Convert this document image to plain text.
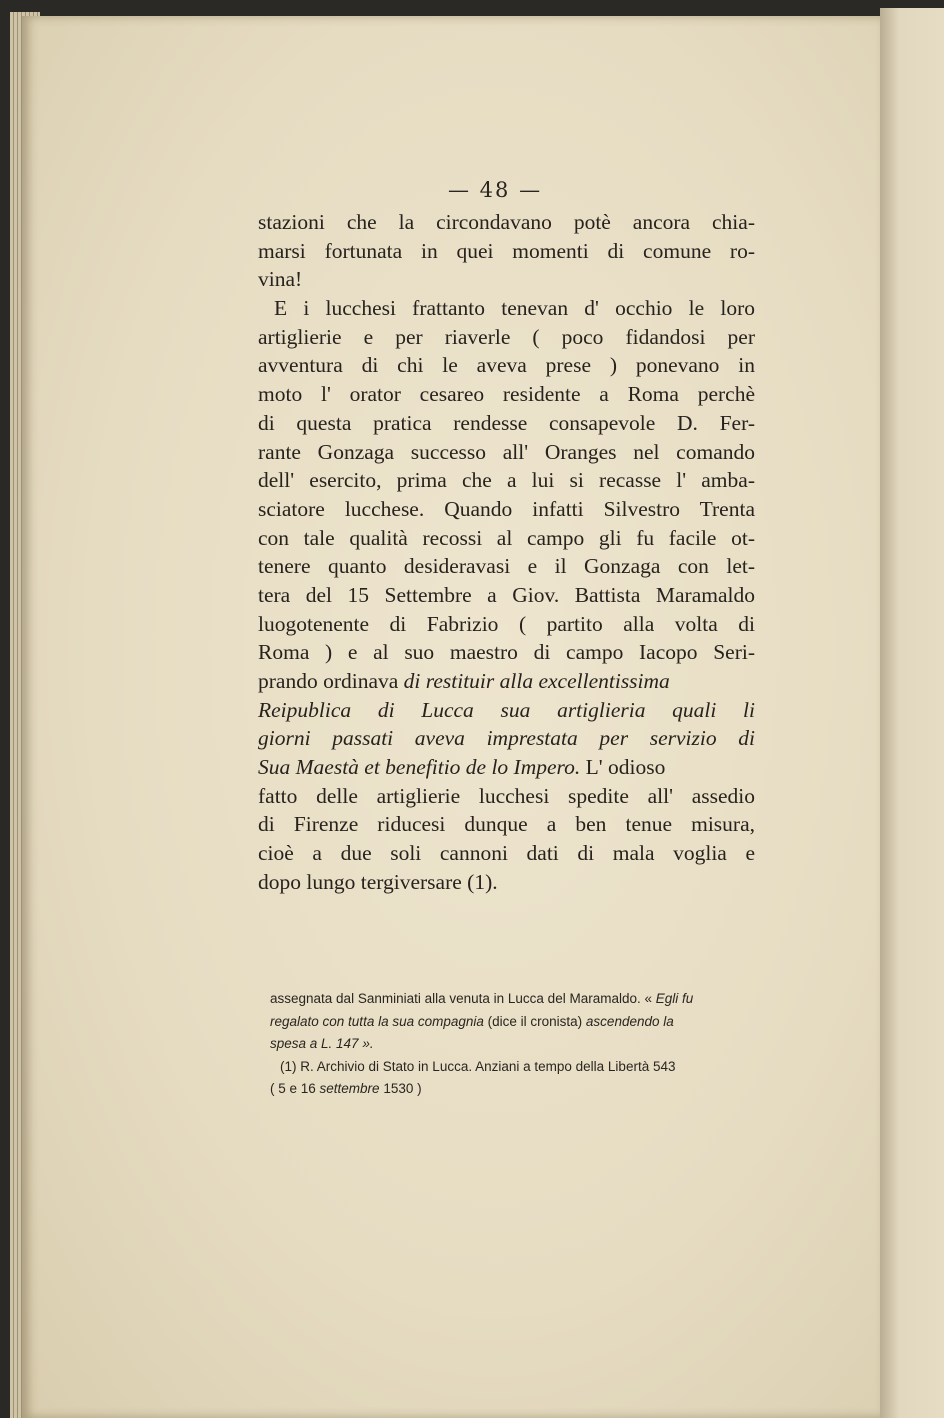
— 48 —
stazioni che la circondavano potè ancora chia-
marsi fortunata in quei momenti di comune ro-
vina!
E i lucchesi frattanto tenevan d' occhio le loro
artiglierie e per riaverle ( poco fidandosi per
avventura di chi le aveva prese ) ponevano in
moto l' orator cesareo residente a Roma perchè
di questa pratica rendesse consapevole D. Fer-
rante Gonzaga successo all' Oranges nel comando
dell' esercito, prima che a lui si recasse l' amba-
sciatore lucchese. Quando infatti Silvestro Trenta
con tale qualità recossi al campo gli fu facile ot-
tenere quanto desideravasi e il Gonzaga con let-
tera del 15 Settembre a Giov. Battista Maramaldo
luogotenente di Fabrizio ( partito alla volta di
Roma ) e al suo maestro di campo Iacopo Seri-
prando ordinava di restituir alla excellentissima
Reipublica di Lucca sua artiglieria quali li
giorni passati aveva imprestata per servizio di
Sua Maestà et benefitio de lo Impero. L' odioso
fatto delle artiglierie lucchesi spedite all' assedio
di Firenze riducesi dunque a ben tenue misura,
cioè a due soli cannoni dati di mala voglia e
dopo lungo tergiversare (1).
assegnata dal Sanminiati alla venuta in Lucca del Maramaldo. « Egli fu
regalato con tutta la sua compagnia (dice il cronista) ascendendo la
spesa a L. 147 ».
(1) R. Archivio di Stato in Lucca. Anziani a tempo della Libertà 543
( 5 e 16 settembre 1530 )
